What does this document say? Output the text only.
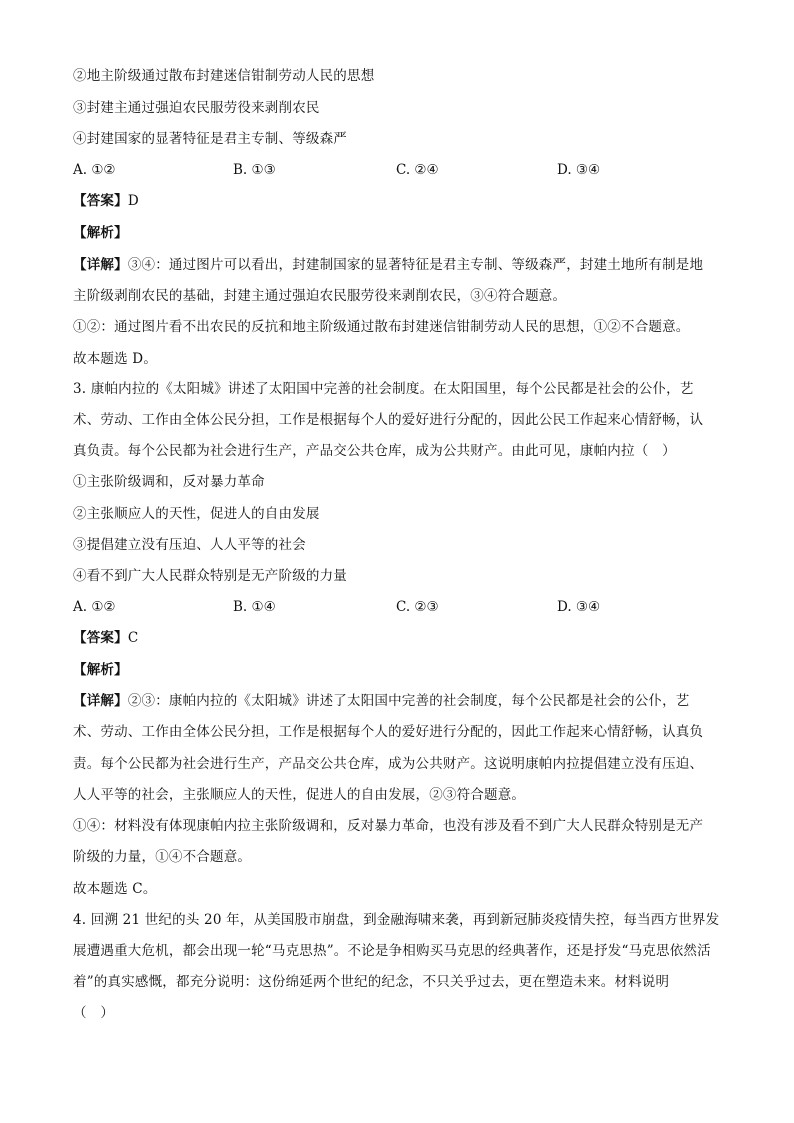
②地主阶级通过散布封建迷信钳制劳动人民的思想
③封建主通过强迫农民服劳役来剥削农民
④封建国家的显著特征是君主专制、等级森严
A. ①②	B. ①③	C. ②④	D. ③④
【答案】D
【解析】
【详解】③④：通过图片可以看出，封建制国家的显著特征是君主专制、等级森严，封建土地所有制是地
主阶级剥削农民的基础，封建主通过强迫农民服劳役来剥削农民，③④符合题意。
①②：通过图片看不出农民的反抗和地主阶级通过散布封建迷信钳制劳动人民的思想，①②不合题意。
故本题选 D。
3. 康帕内拉的《太阳城》讲述了太阳国中完善的社会制度。在太阳国里，每个公民都是社会的公仆，艺
术、劳动、工作由全体公民分担，工作是根据每个人的爱好进行分配的，因此公民工作起来心情舒畅，认
真负责。每个公民都为社会进行生产，产品交公共仓库，成为公共财产。由此可见，康帕内拉（　）
①主张阶级调和，反对暴力革命
②主张顺应人的天性，促进人的自由发展
③提倡建立没有压迫、人人平等的社会
④看不到广大人民群众特别是无产阶级的力量
A. ①②	B. ①④	C. ②③	D. ③④
【答案】C
【解析】
【详解】②③：康帕内拉的《太阳城》讲述了太阳国中完善的社会制度，每个公民都是社会的公仆，艺
术、劳动、工作由全体公民分担，工作是根据每个人的爱好进行分配的，因此工作起来心情舒畅，认真负
责。每个公民都为社会进行生产，产品交公共仓库，成为公共财产。这说明康帕内拉提倡建立没有压迫、
人人平等的社会，主张顺应人的天性，促进人的自由发展，②③符合题意。
①④：材料没有体现康帕内拉主张阶级调和，反对暴力革命，也没有涉及看不到广大人民群众特别是无产
阶级的力量，①④不合题意。
故本题选 C。
4. 回溯 21 世纪的头 20 年，从美国股市崩盘，到金融海啸来袭，再到新冠肺炎疫情失控，每当西方世界发
展遭遇重大危机，都会出现一轮“马克思热”。不论是争相购买马克思的经典著作，还是抒发“马克思依然活
着”的真实感慨，都充分说明：这份绵延两个世纪的纪念，不只关乎过去，更在塑造未来。材料说明
（　）
